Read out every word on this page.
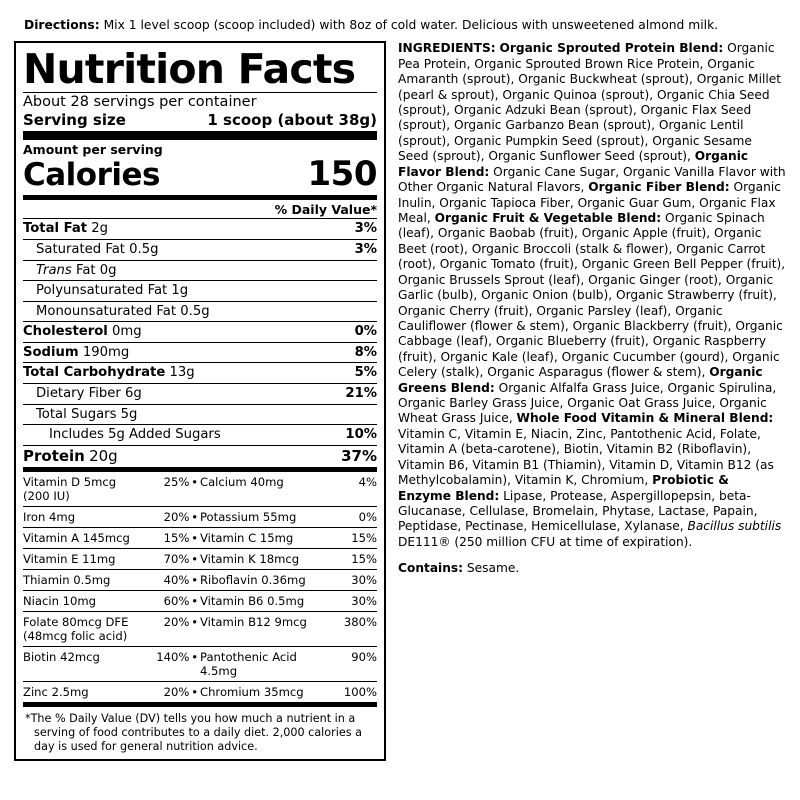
Directions: Mix 1 level scoop (scoop included) with 8oz of cold water. Delicious with unsweetened almond milk.
Nutrition Facts
About 28 servings per container
Serving size	1 scoop (about 38g)
Amount per serving
Calories	150
% Daily Value*
Total Fat 2g	3%
Saturated Fat 0.5g	3%
Trans Fat 0g
Polyunsaturated Fat 1g
Monounsaturated Fat 0.5g
Cholesterol 0mg	0%
Sodium 190mg	8%
Total Carbohydrate 13g	5%
Dietary Fiber 6g	21%
Total Sugars 5g
Includes 5g Added Sugars	10%
Protein 20g	37%
Vitamin D 5mcg (200 IU)	25%	•	Calcium 40mg	4%
Iron 4mg	20%	•	Potassium 55mg	0%
Vitamin A 145mcg	15%	•	Vitamin C 15mg	15%
Vitamin E 11mg	70%	•	Vitamin K 18mcg	15%
Thiamin 0.5mg	40%	•	Riboflavin 0.36mg	30%
Niacin 10mg	60%	•	Vitamin B6 0.5mg	30%
Folate 80mcg DFE
(48mcg folic acid)	20%	•	Vitamin B12 9mcg	380%
Biotin 42mcg	140%	•	Pantothenic Acid 4.5mg	90%
Zinc 2.5mg	20%	•	Chromium 35mcg	100%
*The % Daily Value (DV) tells you how much a nutrient in a serving of food contributes to a daily diet. 2,000 calories a day is used for general nutrition advice.

INGREDIENTS: Organic Sprouted Protein Blend: Organic Pea Protein, Organic Sprouted Brown Rice Protein, Organic Amaranth (sprout), Organic Buckwheat (sprout), Organic Millet (pearl & sprout), Organic Quinoa (sprout), Organic Chia Seed (sprout), Organic Adzuki Bean (sprout), Organic Flax Seed (sprout), Organic Garbanzo Bean (sprout), Organic Lentil (sprout), Organic Pumpkin Seed (sprout), Organic Sesame Seed (sprout), Organic Sunflower Seed (sprout), Organic Flavor Blend: Organic Cane Sugar, Organic Vanilla Flavor with Other Organic Natural Flavors, Organic Fiber Blend: Organic Inulin, Organic Tapioca Fiber, Organic Guar Gum, Organic Flax Meal, Organic Fruit & Vegetable Blend: Organic Spinach (leaf), Organic Baobab (fruit), Organic Apple (fruit), Organic Beet (root), Organic Broccoli (stalk & flower), Organic Carrot (root), Organic Tomato (fruit), Organic Green Bell Pepper (fruit), Organic Brussels Sprout (leaf), Organic Ginger (root), Organic Garlic (bulb), Organic Onion (bulb), Organic Strawberry (fruit), Organic Cherry (fruit), Organic Parsley (leaf), Organic Cauliflower (flower & stem), Organic Blackberry (fruit), Organic Cabbage (leaf), Organic Blueberry (fruit), Organic Raspberry (fruit), Organic Kale (leaf), Organic Cucumber (gourd), Organic Celery (stalk), Organic Asparagus (flower & stem), Organic Greens Blend: Organic Alfalfa Grass Juice, Organic Spirulina, Organic Barley Grass Juice, Organic Oat Grass Juice, Organic Wheat Grass Juice, Whole Food Vitamin & Mineral Blend: Vitamin C, Vitamin E, Niacin, Zinc, Pantothenic Acid, Folate, Vitamin A (beta-carotene), Biotin, Vitamin B2 (Riboflavin), Vitamin B6, Vitamin B1 (Thiamin), Vitamin D, Vitamin B12 (as Methylcobalamin), Vitamin K, Chromium, Probiotic & Enzyme Blend: Lipase, Protease, Aspergillopepsin, beta-Glucanase, Cellulase, Bromelain, Phytase, Lactase, Papain, Peptidase, Pectinase, Hemicellulase, Xylanase, Bacillus subtilis DE111® (250 million CFU at time of expiration).

Contains: Sesame.
